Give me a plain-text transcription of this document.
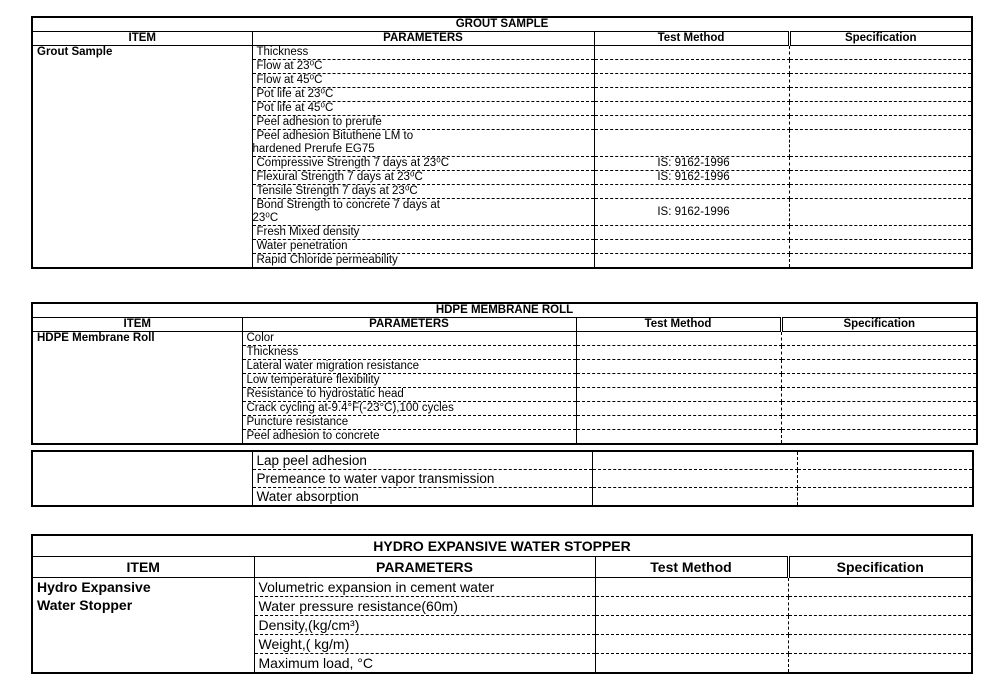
GROUT SAMPLE			
ITEM	PARAMETERS	Test Method	Specification
Grout Sample	Thickness		
	Flow at 23⁰C		
	Flow at 45⁰C		
	Pot life at 23⁰C		
	Pot life at 45⁰C		
	Peel adhesion to prerufe		

	Peel adhesion Bituthene LM to
hardened Prerufe EG75		

	Compressive Strength 7 days at 23⁰C	IS: 9162-1996	
	Flexural Strength 7 days at 23⁰C	IS: 9162-1996	
	Tensile Strength 7 days at 23⁰C		

	Bond Strength to concrete 7 days at
23⁰C	IS: 9162-1996	
	Fresh Mixed density		
	Water penetration		
	Rapid Chloride permeability		
HDPE MEMBRANE ROLL			
ITEM	PARAMETERS	Test Method	Specification
HDPE Membrane Roll	Color		
	Thickness		
	Lateral water migration resistance		
	Low temperature flexibility		
	Resistance to hydrostatic head		
	Crack cycling at-9.4°F(-23°C),100 cycles		
	Puncture resistance		
	Peel adhesion to concrete		
	Lap peel adhesion		
	Premeance to water vapor transmission		
	Water absorption		
HYDRO EXPANSIVE WATER STOPPER			
ITEM	PARAMETERS	Test Method	Specification

Hydro Expansive
Water Stopper	Volumetric expansion in cement water		
	Water pressure resistance(60m)		
	Density,(kg/cm³)		
	Weight,( kg/m)		
	Maximum load, °C		
